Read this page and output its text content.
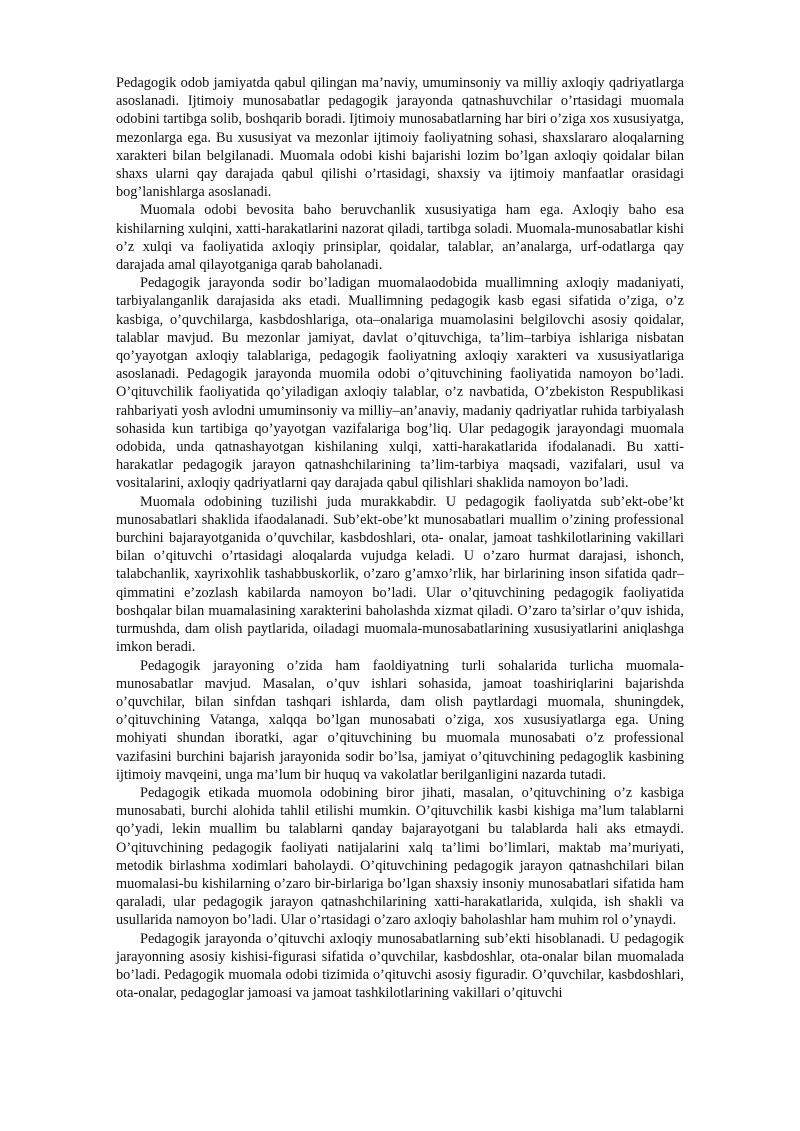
Pedagogik odob jamiyatda qabul qilingan ma’naviy, umuminsoniy va milliy axloqiy qadriyatlarga asoslanadi. Ijtimoiy munosabatlar pedagogik jarayonda qatnashuvchilar o’rtasidagi muomala odobini tartibga solib, boshqarib boradi. Ijtimoiy munosabatlarning har biri o’ziga xos xususiyatga, mezonlarga ega. Bu xususiyat va mezonlar ijtimoiy faoliyatning sohasi, shaxslararo aloqalarning xarakteri bilan belgilanadi. Muomala odobi kishi bajarishi lozim bo’lgan axloqiy qoidalar bilan shaxs ularni qay darajada qabul qilishi o’rtasidagi, shaxsiy va ijtimoiy manfaatlar orasidagi bog’lanishlarga asoslanadi.

Muomala odobi bevosita baho beruvchanlik xususiyatiga ham ega. Axloqiy baho esa kishilarning xulqini, xatti-harakatlarini nazorat qiladi, tartibga soladi. Muomala-munosabatlar kishi o’z xulqi va faoliyatida axloqiy prinsiplar, qoidalar, talablar, an’analarga, urf-odatlarga qay darajada amal qilayotganiga qarab baholanadi.

Pedagogik jarayonda sodir bo’ladigan muomalaodobida muallimning axloqiy madaniyati, tarbiyalanganlik darajasida aks etadi. Muallimning pedagogik kasb egasi sifatida o’ziga, o’z kasbiga, o’quvchilarga, kasbdoshlariga, ota–onalariga muamolasini belgilovchi asosiy qoidalar, talablar mavjud. Bu mezonlar jamiyat, davlat o’qituvchiga, ta’lim–tarbiya ishlariga nisbatan qo’yayotgan axloqiy talablariga, pedagogik faoliyatning axloqiy xarakteri va xususiyatlariga asoslanadi. Pedagogik jarayonda muomila odobi o’qituvchining faoliyatida namoyon bo’ladi. O’qituvchilik faoliyatida qo’yiladigan axloqiy talablar, o’z navbatida, O’zbekiston Respublikasi rahbariyati yosh avlodni umuminsoniy va milliy–an’anaviy, madaniy qadriyatlar ruhida tarbiyalash sohasida kun tartibiga qo’yayotgan vazifalariga bog’liq. Ular pedagogik jarayondagi muomala odobida, unda qatnashayotgan kishilaning xulqi, xatti-harakatlarida ifodalanadi. Bu xatti- harakatlar pedagogik jarayon qatnashchilarining ta’lim-tarbiya maqsadi, vazifalari, usul va vositalarini, axloqiy qadriyatlarni qay darajada qabul qilishlari shaklida namoyon bo’ladi.

Muomala odobining tuzilishi juda murakkabdir. U pedagogik faoliyatda sub’ekt-obe’kt munosabatlari shaklida ifaodalanadi. Sub’ekt-obe’kt munosabatlari muallim o’zining professional burchini bajarayotganida o’quvchilar, kasbdoshlari, ota- onalar, jamoat tashkilotlarining vakillari bilan o’qituvchi o’rtasidagi aloqalarda vujudga keladi. U o’zaro hurmat darajasi, ishonch, talabchanlik, xayrixohlik tashabbuskorlik, o’zaro g’amxo’rlik, har birlarining inson sifatida qadr–qimmatini e’zozlash kabilarda namoyon bo’ladi. Ular o’qituvchining pedagogik faoliyatida boshqalar bilan muamalasining xarakterini baholashda xizmat qiladi. O’zaro ta’sirlar o’quv ishida, turmushda, dam olish paytlarida, oiladagi muomala-munosabatlarining xususiyatlarini aniqlashga imkon beradi.

Pedagogik jarayoning o’zida ham faoldiyatning turli sohalarida turlicha muomala-munosabatlar mavjud. Masalan, o’quv ishlari sohasida, jamoat toashiriqlarini bajarishda o’quvchilar, bilan sinfdan tashqari ishlarda, dam olish paytlardagi muomala, shuningdek, o’qituvchining Vatanga, xalqqa bo’lgan munosabati o’ziga, xos xususiyatlarga ega. Uning mohiyati shundan iboratki, agar o’qituvchining bu muomala munosabati o’z professional vazifasini burchini bajarish jarayonida sodir bo’lsa, jamiyat o’qituvchining pedagoglik kasbining ijtimoiy mavqeini, unga ma’lum bir huquq va vakolatlar berilganligini nazarda tutadi.

Pedagogik etikada muomola odobining biror jihati, masalan, o’qituvchining o’z kasbiga munosabati, burchi alohida tahlil etilishi mumkin. O’qituvchilik kasbi kishiga ma’lum talablarni qo’yadi, lekin muallim bu talablarni qanday bajarayotgani bu talablarda hali aks etmaydi. O’qituvchining pedagogik faoliyati natijalarini xalq ta’limi bo’limlari, maktab ma’muriyati, metodik birlashma xodimlari baholaydi. O’qituvchining pedagogik jarayon qatnashchilari bilan muomalasi-bu kishilarning o’zaro bir-birlariga bo’lgan shaxsiy insoniy munosabatlari sifatida ham qaraladi, ular pedagogik jarayon qatnashchilarining xatti-harakatlarida, xulqida, ish shakli va usullarida namoyon bo’ladi. Ular o’rtasidagi o’zaro axloqiy baholashlar ham muhim rol o’ynaydi.

Pedagogik jarayonda o’qituvchi axloqiy munosabatlarning sub’ekti hisoblanadi. U pedagogik jarayonning asosiy kishisi-figurasi sifatida o’quvchilar, kasbdoshlar, ota-onalar bilan muomalada bo’ladi. Pedagogik muomala odobi tizimida o’qituvchi asosiy figuradir. O’quvchilar, kasbdoshlari, ota-onalar, pedagoglar jamoasi va jamoat tashkilotlarining vakillari o’qituvchi
